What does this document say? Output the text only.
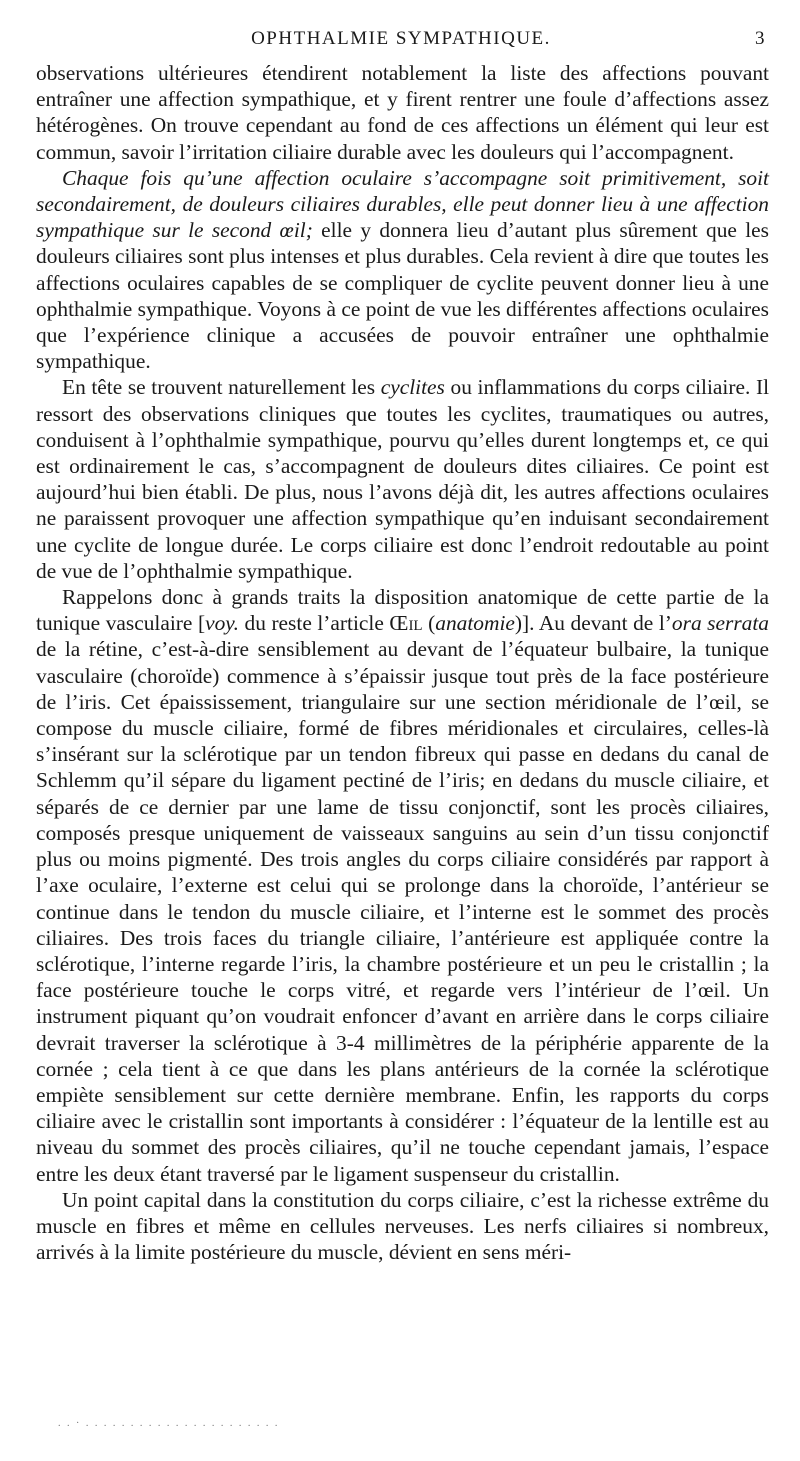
OPHTHALMIE SYMPATHIQUE.	3

observations ultérieures étendirent notablement la liste des affections pouvant entraîner une affection sympathique, et y firent rentrer une foule d’affections assez hétérogènes. On trouve cependant au fond de ces affections un élément qui leur est commun, savoir l’irritation ciliaire durable avec les douleurs qui l’accompagnent.

Chaque fois qu’une affection oculaire s’accompagne soit primitivement, soit secondairement, de douleurs ciliaires durables, elle peut donner lieu à une affection sympathique sur le second œil; elle y donnera lieu d’autant plus sûrement que les douleurs ciliaires sont plus intenses et plus durables. Cela revient à dire que toutes les affections oculaires capables de se compliquer de cyclite peuvent donner lieu à une ophthalmie sympathique. Voyons à ce point de vue les différentes affections oculaires que l’expérience clinique a accusées de pouvoir entraîner une ophthalmie sympathique.

En tête se trouvent naturellement les cyclites ou inflammations du corps ciliaire. Il ressort des observations cliniques que toutes les cyclites, traumatiques ou autres, conduisent à l’ophthalmie sympathique, pourvu qu’elles durent longtemps et, ce qui est ordinairement le cas, s’accompagnent de douleurs dites ciliaires. Ce point est aujourd’hui bien établi. De plus, nous l’avons déjà dit, les autres affections oculaires ne paraissent provoquer une affection sympathique qu’en induisant secondairement une cyclite de longue durée. Le corps ciliaire est donc l’endroit redoutable au point de vue de l’ophthalmie sympathique.

Rappelons donc à grands traits la disposition anatomique de cette partie de la tunique vasculaire [voy. du reste l’article Œil (anatomie)]. Au devant de l’ora serrata de la rétine, c’est-à-dire sensiblement au devant de l’équateur bulbaire, la tunique vasculaire (choroïde) commence à s’épaissir jusque tout près de la face postérieure de l’iris. Cet épaississement, triangulaire sur une section méridionale de l’œil, se compose du muscle ciliaire, formé de fibres méridionales et circulaires, celles-là s’insérant sur la sclérotique par un tendon fibreux qui passe en dedans du canal de Schlemm qu’il sépare du ligament pectiné de l’iris; en dedans du muscle ciliaire, et séparés de ce dernier par une lame de tissu conjonctif, sont les procès ciliaires, composés presque uniquement de vaisseaux sanguins au sein d’un tissu conjonctif plus ou moins pigmenté. Des trois angles du corps ciliaire considérés par rapport à l’axe oculaire, l’externe est celui qui se prolonge dans la choroïde, l’antérieur se continue dans le tendon du muscle ciliaire, et l’interne est le sommet des procès ciliaires. Des trois faces du triangle ciliaire, l’antérieure est appliquée contre la sclérotique, l’interne regarde l’iris, la chambre postérieure et un peu le cristallin ; la face postérieure touche le corps vitré, et regarde vers l’intérieur de l’œil. Un instrument piquant qu’on voudrait enfoncer d’avant en arrière dans le corps ciliaire devrait traverser la sclérotique à 3-4 millimètres de la périphérie apparente de la cornée ; cela tient à ce que dans les plans antérieurs de la cornée la sclérotique empiète sensiblement sur cette dernière membrane. Enfin, les rapports du corps ciliaire avec le cristallin sont importants à considérer : l’équateur de la lentille est au niveau du sommet des procès ciliaires, qu’il ne touche cependant jamais, l’espace entre les deux étant traversé par le ligament suspenseur du cristallin.

Un point capital dans la constitution du corps ciliaire, c’est la richesse extrême du muscle en fibres et même en cellules nerveuses. Les nerfs ciliaires si nombreux, arrivés à la limite postérieure du muscle, dévient en sens méri-

. . · . . . . . . . . . . . . . . . . . . . . . .
